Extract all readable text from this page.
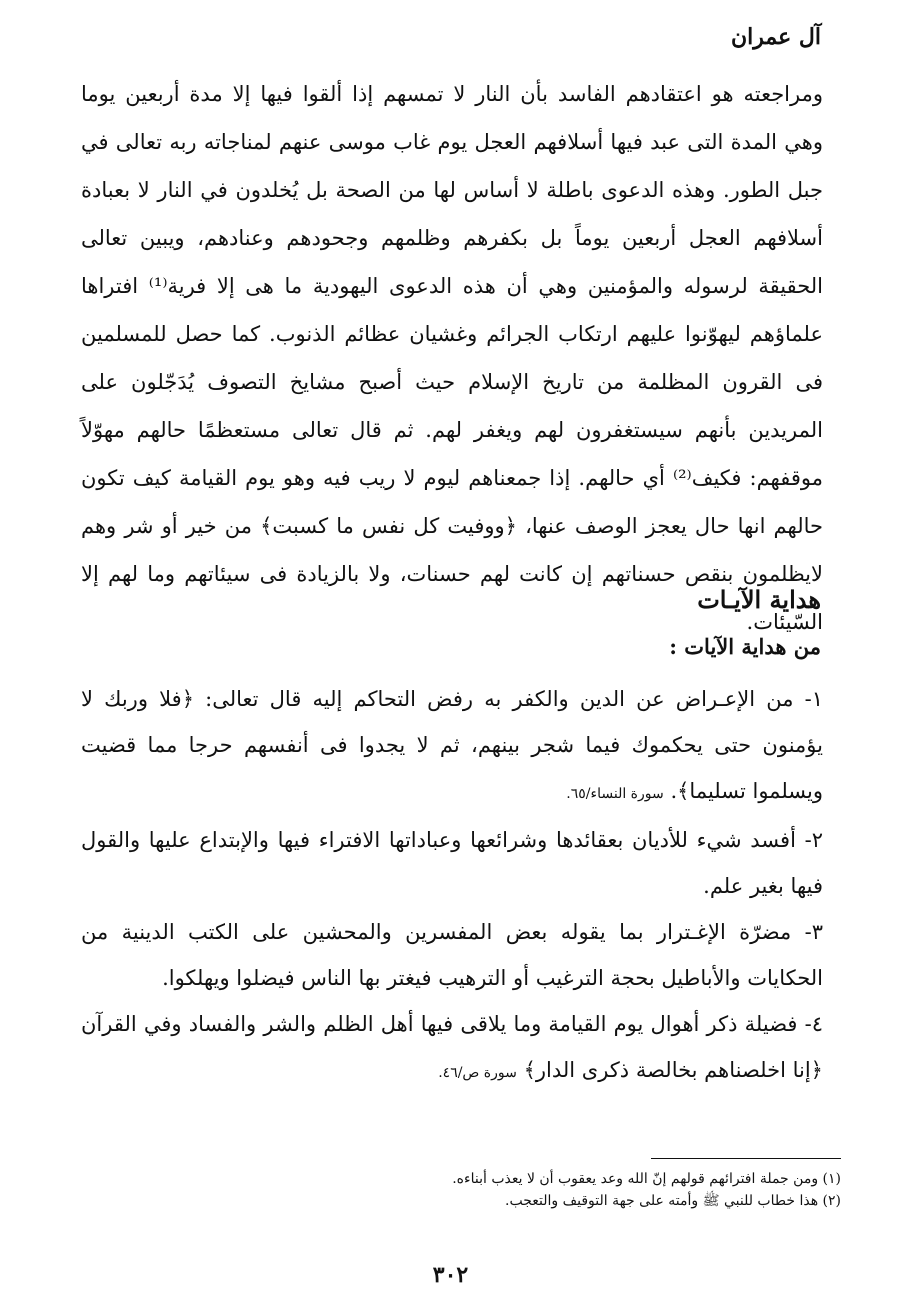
آل عمران

ومراجعته هو اعتقادهم الفاسد بأن النار لا تمسهم إذا ألقوا فيها إلا مدة أربعين يوما وهي المدة التى عبد فيها أسلافهم العجل يوم غاب موسى عنهم لمناجاته ربه تعالى في جبل الطور. وهذه الدعوى باطلة لا أساس لها من الصحة بل يُخلدون في النار لا بعبادة أسلافهم العجل أربعين يوماً بل بكفرهم وظلمهم وجحودهم وعنادهم، ويبين تعالى الحقيقة لرسوله والمؤمنين وهي أن هذه الدعوى اليهودية ما هى إلا فرية⁽¹⁾ افتراها علماؤهم ليهوّنوا عليهم ارتكاب الجرائم وغشيان عظائم الذنوب. كما حصل للمسلمين فى القرون المظلمة من تاريخ الإسلام حيث أصبح مشايخ التصوف يُدَجّلون على المريدين بأنهم سيستغفرون لهم ويغفر لهم. ثم قال تعالى مستعظمًا حالهم مهوّلاً موقفهم: فكيف⁽²⁾ أي حالهم. إذا جمعناهم ليوم لا ريب فيه وهو يوم القيامة كيف تكون حالهم انها حال يعجز الوصف عنها، ﴿ووفيت كل نفس ما كسبت﴾ من خير أو شر وهم لايظلمون بنقص حسناتهم إن كانت لهم حسنات، ولا بالزيادة فى سيئاتهم وما لهم إلا السّيئات.

هداية الآيـات
من هداية الآيات :

١- من الإعـراض عن الدين والكفر به رفض التحاكم إليه قال تعالى: ﴿فلا وربك لا يؤمنون حتى يحكموك فيما شجر بينهم، ثم لا يجدوا فى أنفسهم حرجا مما قضيت ويسلموا تسليما﴾. سورة النساء/٦٥.

٢- أفسد شيء للأديان بعقائدها وشرائعها وعباداتها الافتراء فيها والإبتداع عليها والقول فيها بغير علم.

٣- مضرّة الإغـترار بما يقوله بعض المفسرين والمحشين على الكتب الدينية من الحكايات والأباطيل بحجة الترغيب أو الترهيب فيغتر بها الناس فيضلوا ويهلكوا.

٤- فضيلة ذكر أهوال يوم القيامة وما يلاقى فيها أهل الظلم والشر والفساد وفي القرآن ﴿إنا اخلصناهم بخالصة ذكرى الدار﴾ سورة ص/٤٦.

(١) ومن جملة افترائهم قولهم إنّ الله وعد يعقوب أن لا يعذب أبناءه.

(٢) هذا خطاب للنبي ﷺ وأمته على جهة التوقيف والتعجب.

٣٠٢
